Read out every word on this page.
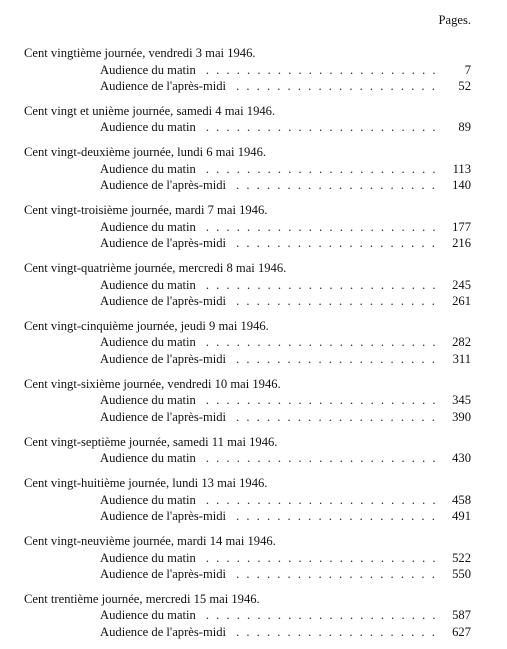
Pages.
Cent vingtième journée, vendredi 3 mai 1946.
Audience du matin . . .	7
Audience de l'après-midi . . .	52
Cent vingt et unième journée, samedi 4 mai 1946.
Audience du matin . . .	89
Cent vingt-deuxième journée, lundi 6 mai 1946.
Audience du matin . . .	113
Audience de l'après-midi . . .	140
Cent vingt-troisième journée, mardi 7 mai 1946.
Audience du matin . . .	177
Audience de l'après-midi . . .	216
Cent vingt-quatrième journée, mercredi 8 mai 1946.
Audience du matin . . .	245
Audience de l'après-midi . . .	261
Cent vingt-cinquième journée, jeudi 9 mai 1946.
Audience du matin . . .	282
Audience de l'après-midi . . .	311
Cent vingt-sixième journée, vendredi 10 mai 1946.
Audience du matin . . .	345
Audience de l'après-midi . . .	390
Cent vingt-septième journée, samedi 11 mai 1946.
Audience du matin . . .	430
Cent vingt-huitième journée, lundi 13 mai 1946.
Audience du matin . . .	458
Audience de l'après-midi . . .	491
Cent vingt-neuvième journée, mardi 14 mai 1946.
Audience du matin . . .	522
Audience de l'après-midi . . .	550
Cent trentième journée, mercredi 15 mai 1946.
Audience du matin . . .	587
Audience de l'après-midi . . .	627
